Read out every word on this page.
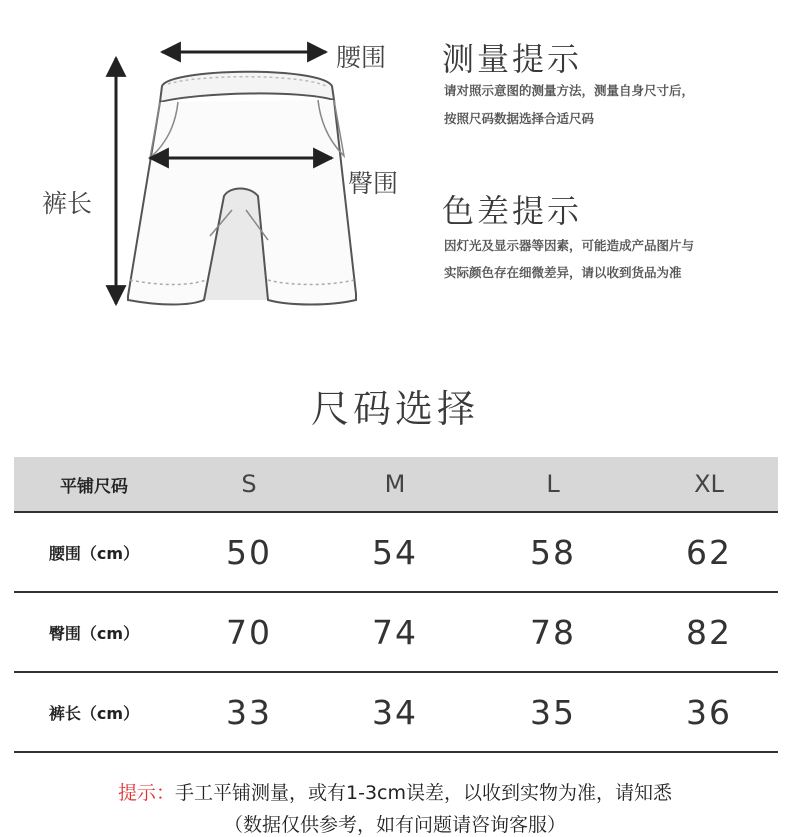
腰围
臀围
裤长
测量提示
请对照示意图的测量方法，测量自身尺寸后，
按照尺码数据选择合适尺码
色差提示
因灯光及显示器等因素，可能造成产品图片与
实际颜色存在细微差异，请以收到货品为准
尺码选择
平铺尺码	S	M	L	XL
腰围（cm）	50	54	58	62
臀围（cm）	70	74	78	82
裤长（cm）	33	34	35	36
提示：手工平铺测量，或有1-3cm误差，以收到实物为准，请知悉
（数据仅供参考，如有问题请咨询客服）
